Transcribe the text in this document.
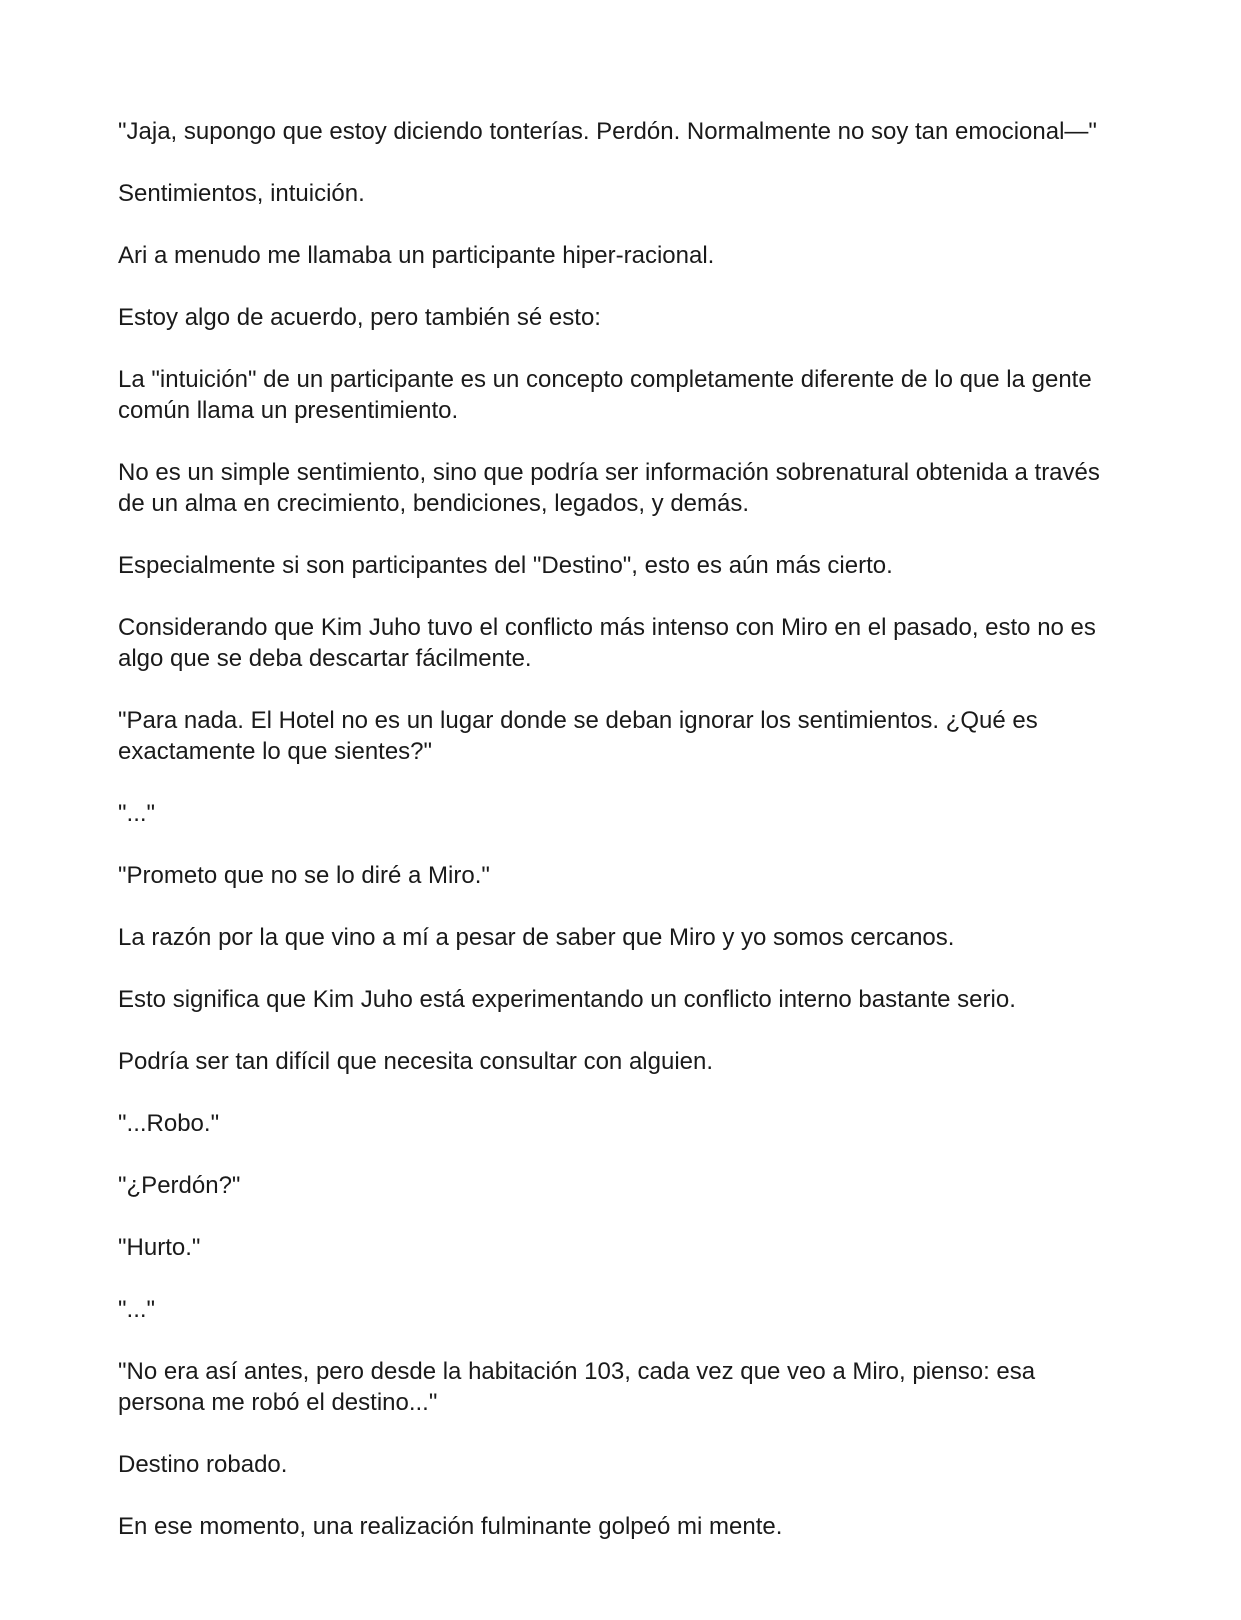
"Jaja, supongo que estoy diciendo tonterías. Perdón. Normalmente no soy tan emocional—"

Sentimientos, intuición.

Ari a menudo me llamaba un participante hiper-racional.

Estoy algo de acuerdo, pero también sé esto:

La "intuición" de un participante es un concepto completamente diferente de lo que la gente común llama un presentimiento.

No es un simple sentimiento, sino que podría ser información sobrenatural obtenida a través de un alma en crecimiento, bendiciones, legados, y demás.

Especialmente si son participantes del "Destino", esto es aún más cierto.

Considerando que Kim Juho tuvo el conflicto más intenso con Miro en el pasado, esto no es algo que se deba descartar fácilmente.

"Para nada. El Hotel no es un lugar donde se deban ignorar los sentimientos. ¿Qué es exactamente lo que sientes?"

"..."

"Prometo que no se lo diré a Miro."

La razón por la que vino a mí a pesar de saber que Miro y yo somos cercanos.

Esto significa que Kim Juho está experimentando un conflicto interno bastante serio.

Podría ser tan difícil que necesita consultar con alguien.

"...Robo."

"¿Perdón?"

"Hurto."

"..."

"No era así antes, pero desde la habitación 103, cada vez que veo a Miro, pienso: esa persona me robó el destino..."

Destino robado.

En ese momento, una realización fulminante golpeó mi mente.
